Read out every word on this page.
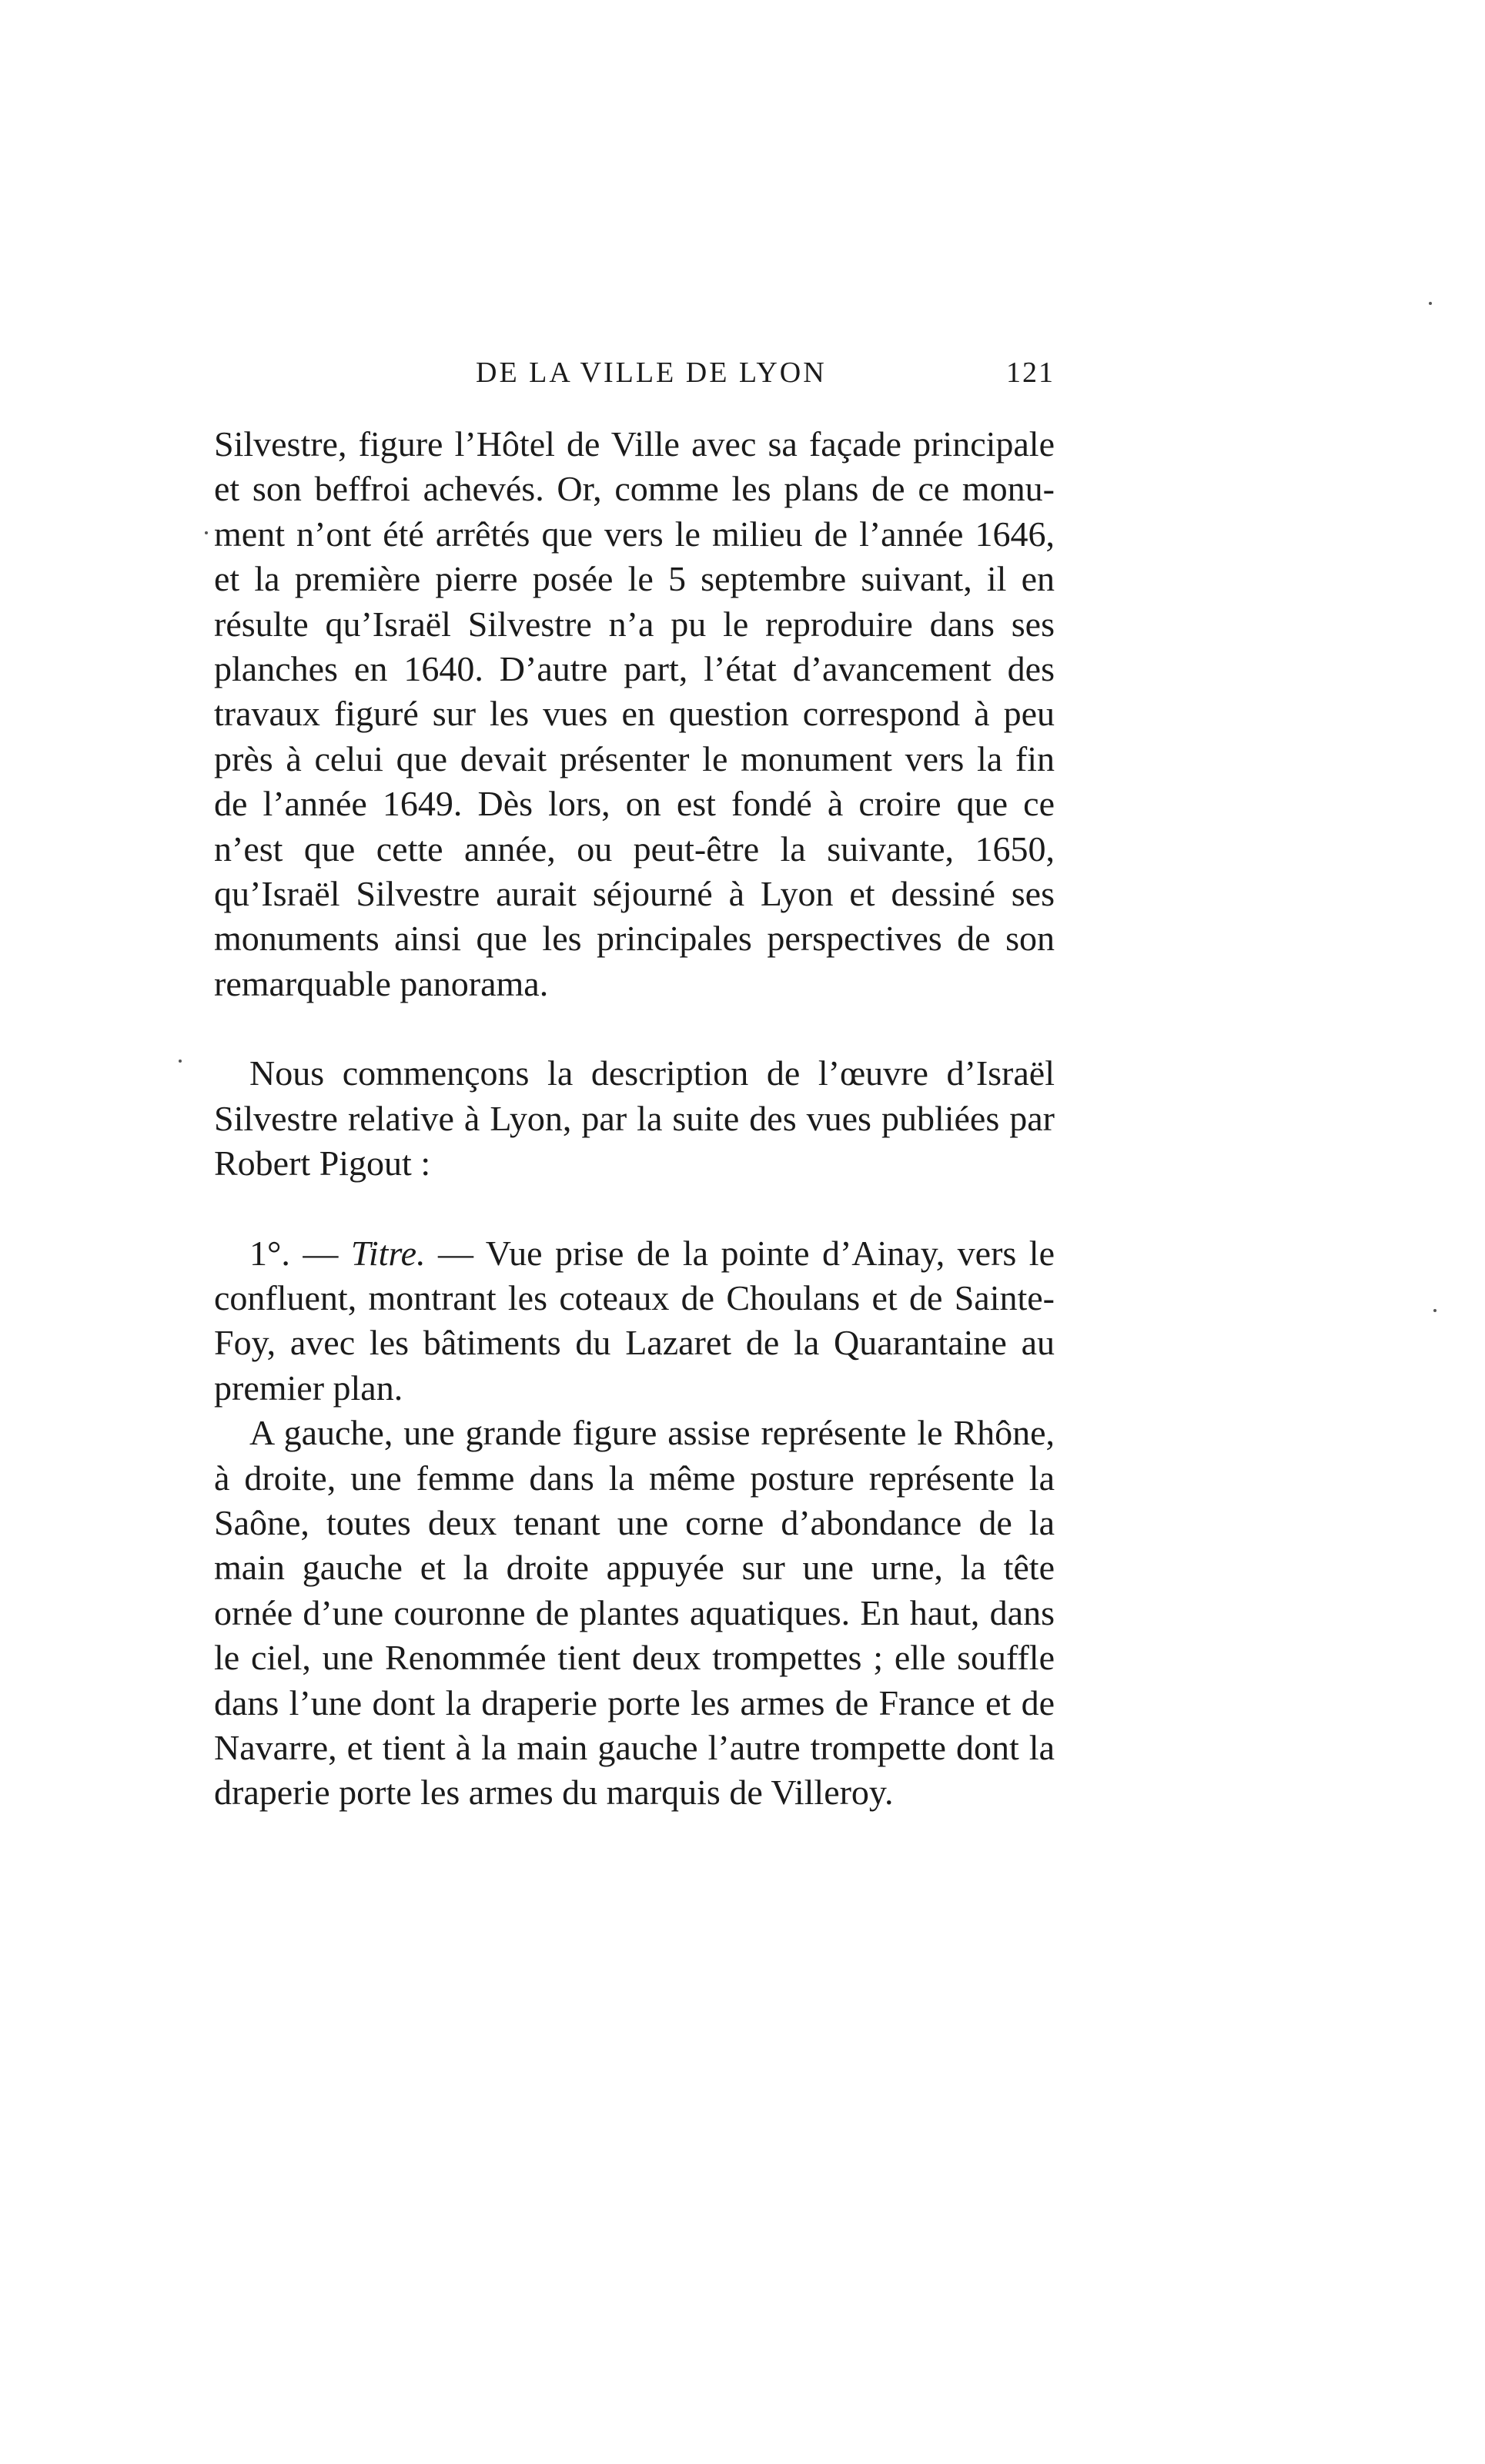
DE LA VILLE DE LYON	121

Silvestre, figure l’Hôtel de Ville avec sa façade principale et son beffroi achevés. Or, comme les plans de ce monument n’ont été arrêtés que vers le milieu de l’année 1646, et la première pierre posée le 5 septembre suivant, il en résulte qu’Israël Silvestre n’a pu le reproduire dans ses planches en 1640. D’autre part, l’état d’avancement des travaux figuré sur les vues en question correspond à peu près à celui que devait présenter le monument vers la fin de l’année 1649. Dès lors, on est fondé à croire que ce n’est que cette année, ou peut-être la suivante, 1650, qu’Israël Silvestre aurait séjourné à Lyon et dessiné ses monuments ainsi que les principales perspectives de son remarquable panorama.

Nous commençons la description de l’œuvre d’Israël Silvestre relative à Lyon, par la suite des vues publiées par Robert Pigout :

1°. — Titre. — Vue prise de la pointe d’Ainay, vers le confluent, montrant les coteaux de Choulans et de Sainte-Foy, avec les bâtiments du Lazaret de la Quarantaine au premier plan.

A gauche, une grande figure assise représente le Rhône, à droite, une femme dans la même posture représente la Saône, toutes deux tenant une corne d’abondance de la main gauche et la droite appuyée sur une urne, la tête ornée d’une couronne de plantes aquatiques. En haut, dans le ciel, une Renommée tient deux trompettes ; elle souffle dans l’une dont la draperie porte les armes de France et de Navarre, et tient à la main gauche l’autre trompette dont la draperie porte les armes du marquis de Villeroy.
